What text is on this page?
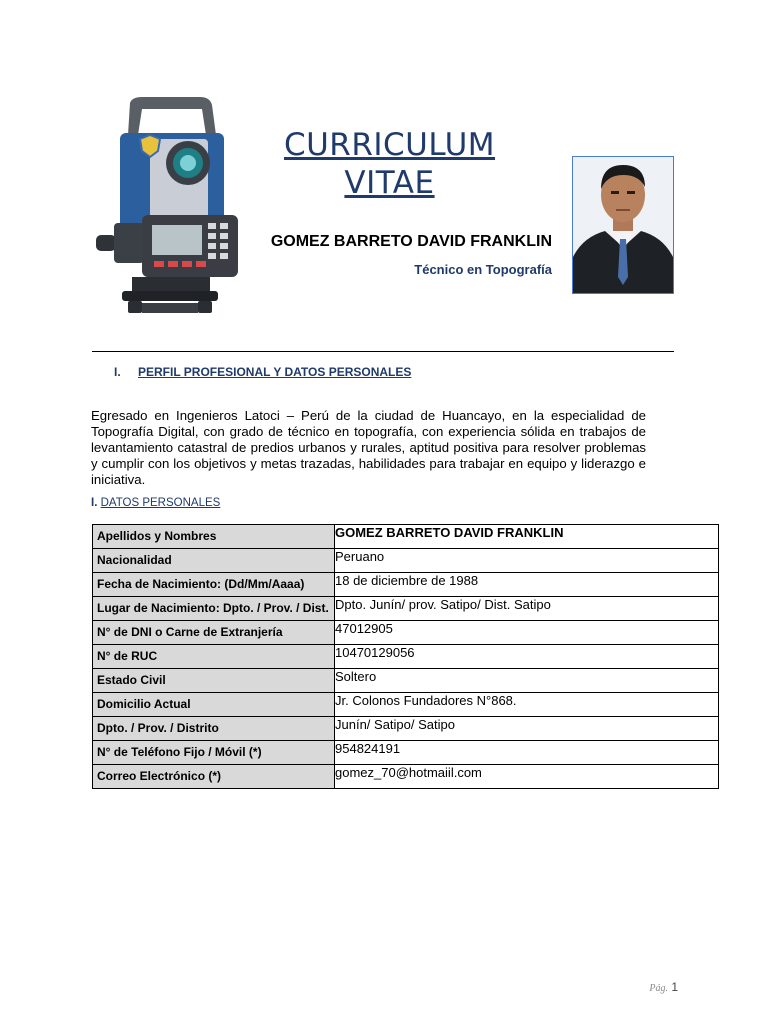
CURRICULUM
VITAE
GOMEZ BARRETO DAVID FRANKLIN
Técnico en Topografía
I. PERFIL PROFESIONAL Y DATOS PERSONALES
Egresado en Ingenieros Latoci – Perú de la ciudad de Huancayo, en la especialidad de Topografía Digital, con grado de técnico en topografía, con experiencia sólida en trabajos de levantamiento catastral de predios urbanos y rurales, aptitud positiva para resolver problemas y cumplir con los objetivos y metas trazadas, habilidades para trabajar en equipo y liderazgo e iniciativa.
I. DATOS PERSONALES
Apellidos y Nombres	GOMEZ BARRETO DAVID FRANKLIN
Nacionalidad	Peruano
Fecha de Nacimiento: (Dd/Mm/Aaaa)	18 de diciembre de 1988
Lugar de Nacimiento: Dpto. / Prov. / Dist.	Dpto. Junín/ prov. Satipo/ Dist. Satipo
N° de DNI o Carne de Extranjería	47012905
N° de RUC	10470129056
Estado Civil	Soltero
Domicilio Actual	Jr. Colonos Fundadores N°868.
Dpto. / Prov. / Distrito	Junín/ Satipo/ Satipo
N° de Teléfono Fijo / Móvil (*)	954824191
Correo Electrónico (*)	gomez_70@hotmaiil.com
Pág. 1
